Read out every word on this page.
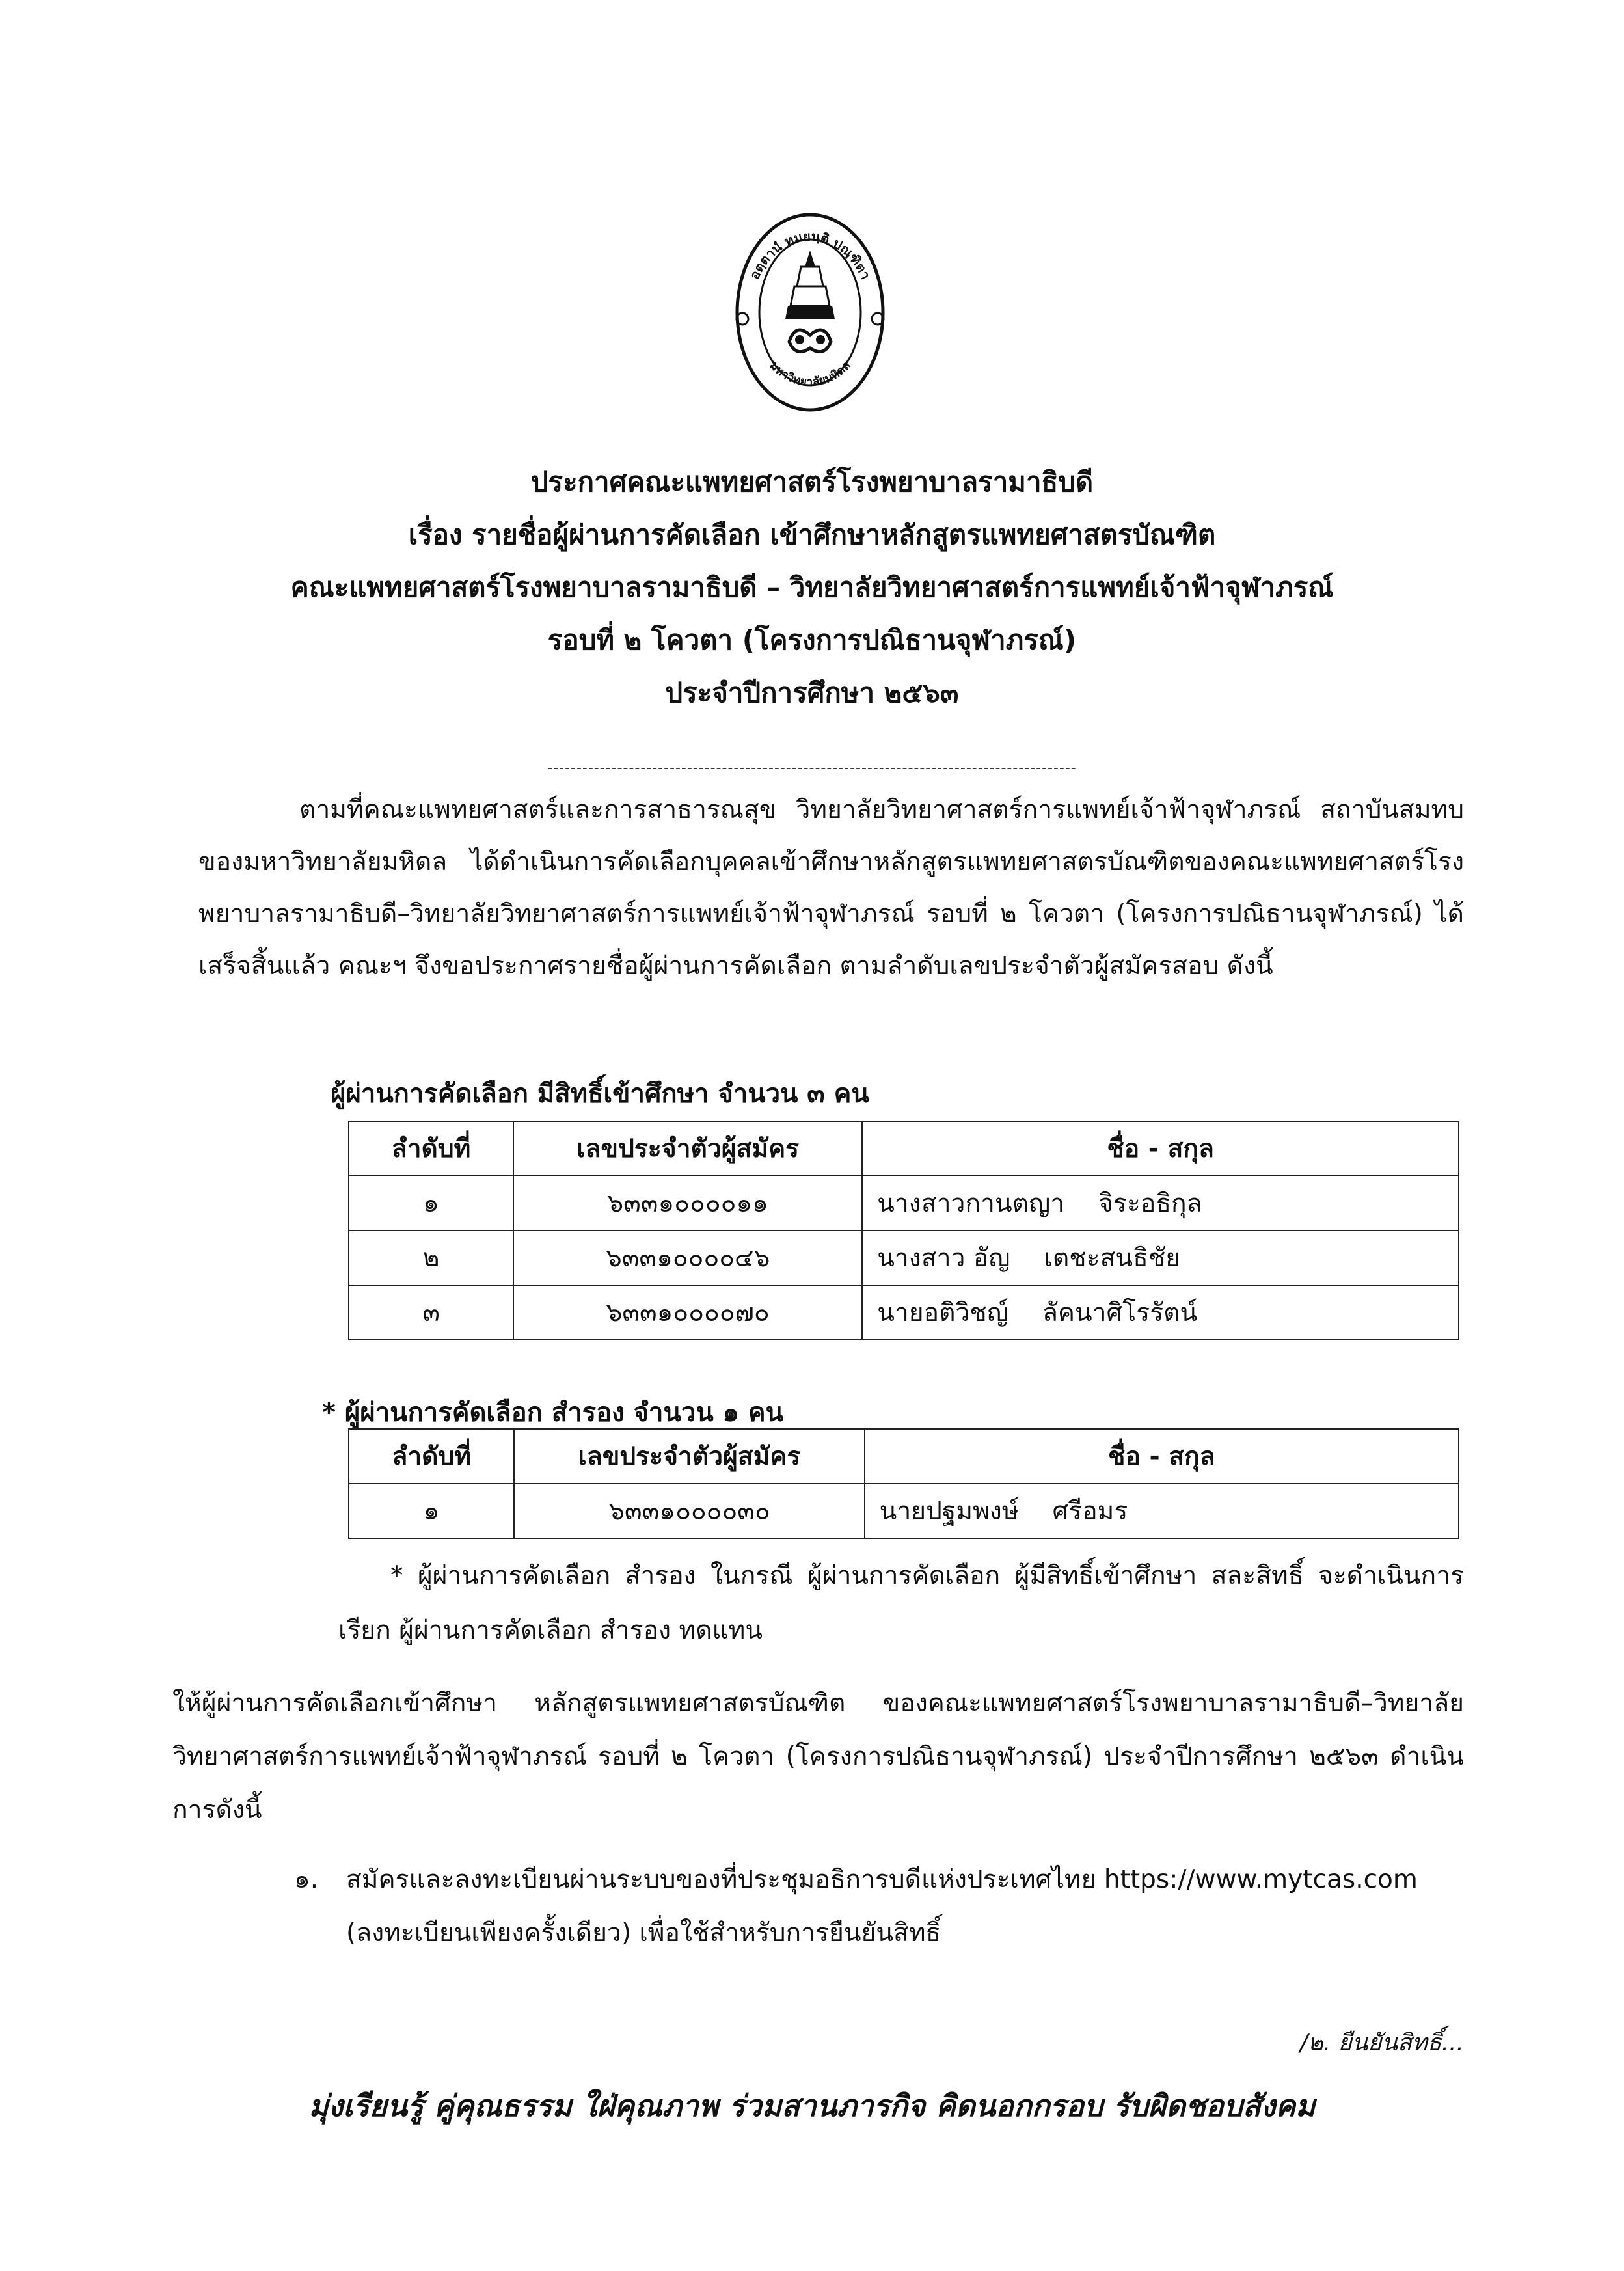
อตฺตานํ ทมยนฺติ ปณฺฑิตา
มหาวิทยาลัยมหิดล
ประกาศคณะแพทยศาสตร์โรงพยาบาลรามาธิบดี
เรื่อง รายชื่อผู้ผ่านการคัดเลือก เข้าศึกษาหลักสูตรแพทยศาสตรบัณฑิต
คณะแพทยศาสตร์โรงพยาบาลรามาธิบดี – วิทยาลัยวิทยาศาสตร์การแพทย์เจ้าฟ้าจุฬาภรณ์
รอบที่ ๒ โควตา (โครงการปณิธานจุฬาภรณ์)
ประจำปีการศึกษา ๒๕๖๓
-------------------------------------------------------------------------------------------
ตามที่คณะแพทยศาสตร์และการสาธารณสุข วิทยาลัยวิทยาศาสตร์การแพทย์เจ้าฟ้าจุฬาภรณ์ สถาบันสมทบของมหาวิทยาลัยมหิดล ได้ดำเนินการคัดเลือกบุคคลเข้าศึกษาหลักสูตรแพทยศาสตรบัณฑิตของคณะแพทยศาสตร์โรงพยาบาลรามาธิบดี–วิทยาลัยวิทยาศาสตร์การแพทย์เจ้าฟ้าจุฬาภรณ์ รอบที่ ๒ โควตา (โครงการปณิธานจุฬาภรณ์) ได้เสร็จสิ้นแล้ว คณะฯ จึงขอประกาศรายชื่อผู้ผ่านการคัดเลือก ตามลำดับเลขประจำตัวผู้สมัครสอบ ดังนี้
ผู้ผ่านการคัดเลือก มีสิทธิ์เข้าศึกษา จำนวน ๓ คน
ลำดับที่	เลขประจำตัวผู้สมัคร	ชื่อ - สกุล
๑	๖๓๓๑๐๐๐๐๑๑	นางสาวกานตญา จิระอธิกุล
๒	๖๓๓๑๐๐๐๐๔๖	นางสาว อัญ เตชะสนธิชัย
๓	๖๓๓๑๐๐๐๐๗๐	นายอติวิชญ์ ลัคนาศิโรรัตน์
* ผู้ผ่านการคัดเลือก สำรอง จำนวน ๑ คน
ลำดับที่	เลขประจำตัวผู้สมัคร	ชื่อ - สกุล
๑	๖๓๓๑๐๐๐๐๓๐	นายปฐมพงษ์ ศรีอมร
* ผู้ผ่านการคัดเลือก สำรอง ในกรณี ผู้ผ่านการคัดเลือก ผู้มีสิทธิ์เข้าศึกษา สละสิทธิ์ จะดำเนินการเรียก ผู้ผ่านการคัดเลือก สำรอง ทดแทน
ให้ผู้ผ่านการคัดเลือกเข้าศึกษา หลักสูตรแพทยศาสตรบัณฑิต ของคณะแพทยศาสตร์โรงพยาบาลรามาธิบดี–วิทยาลัยวิทยาศาสตร์การแพทย์เจ้าฟ้าจุฬาภรณ์ รอบที่ ๒ โควตา (โครงการปณิธานจุฬาภรณ์) ประจำปีการศึกษา ๒๕๖๓ ดำเนินการดังนี้
๑. สมัครและลงทะเบียนผ่านระบบของที่ประชุมอธิการบดีแห่งประเทศไทย https://www.mytcas.com
(ลงทะเบียนเพียงครั้งเดียว) เพื่อใช้สำหรับการยืนยันสิทธิ์
/๒. ยืนยันสิทธิ์...
มุ่งเรียนรู้ คู่คุณธรรม ใฝ่คุณภาพ ร่วมสานภารกิจ คิดนอกกรอบ รับผิดชอบสังคม
